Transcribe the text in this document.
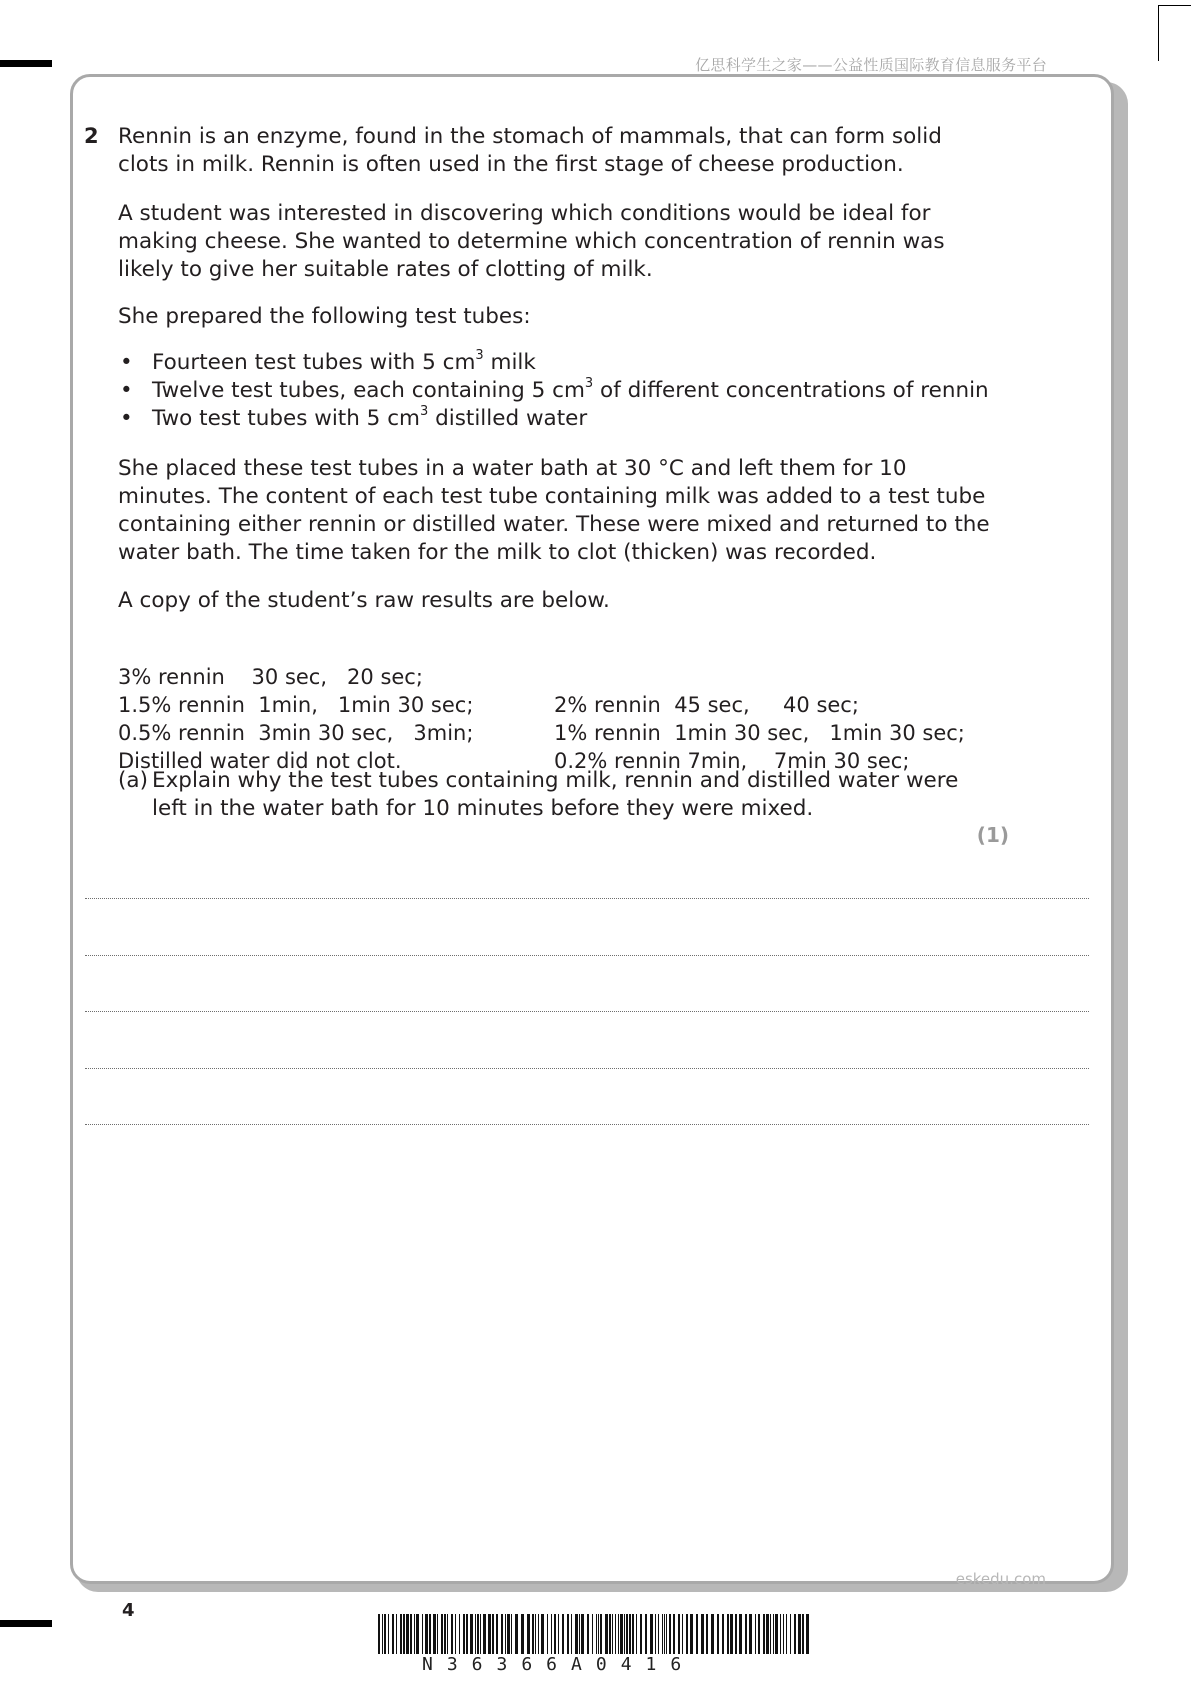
亿思科学生之家——公益性质国际教育信息服务平台
2 Rennin is an enzyme, found in the stomach of mammals, that can form solid clots in milk. Rennin is often used in the first stage of cheese production.
A student was interested in discovering which conditions would be ideal for making cheese. She wanted to determine which concentration of rennin was likely to give her suitable rates of clotting of milk.
She prepared the following test tubes:
• Fourteen test tubes with 5 $cm^3$ milk
• Twelve test tubes, each containing 5 $cm^3$ of different concentrations of rennin
• Two test tubes with 5 $cm^3$ distilled water
She placed these test tubes in a water bath at 30 °C and left them for 10 minutes. The content of each test tube containing milk was added to a test tube containing either rennin or distilled water. These were mixed and returned to the water bath. The time taken for the milk to clot (thicken) was recorded.
A copy of the student’s raw results are below.

3% rennin    30 sec,   20 sec;

2% rennin  45 sec,     40 sec;

1.5% rennin  1min,   1min 30 sec;

1% rennin  1min 30 sec,   1min 30 sec;

0.5% rennin  3min 30 sec,   3min;

0.2% rennin 7min,    7min 30 sec;

Distilled water did not clot.

(a) Explain why the test tubes containing milk, rennin and distilled water were left in the water bath for 10 minutes before they were mixed.
(1)
eskedu.com
4
N36366A0416
